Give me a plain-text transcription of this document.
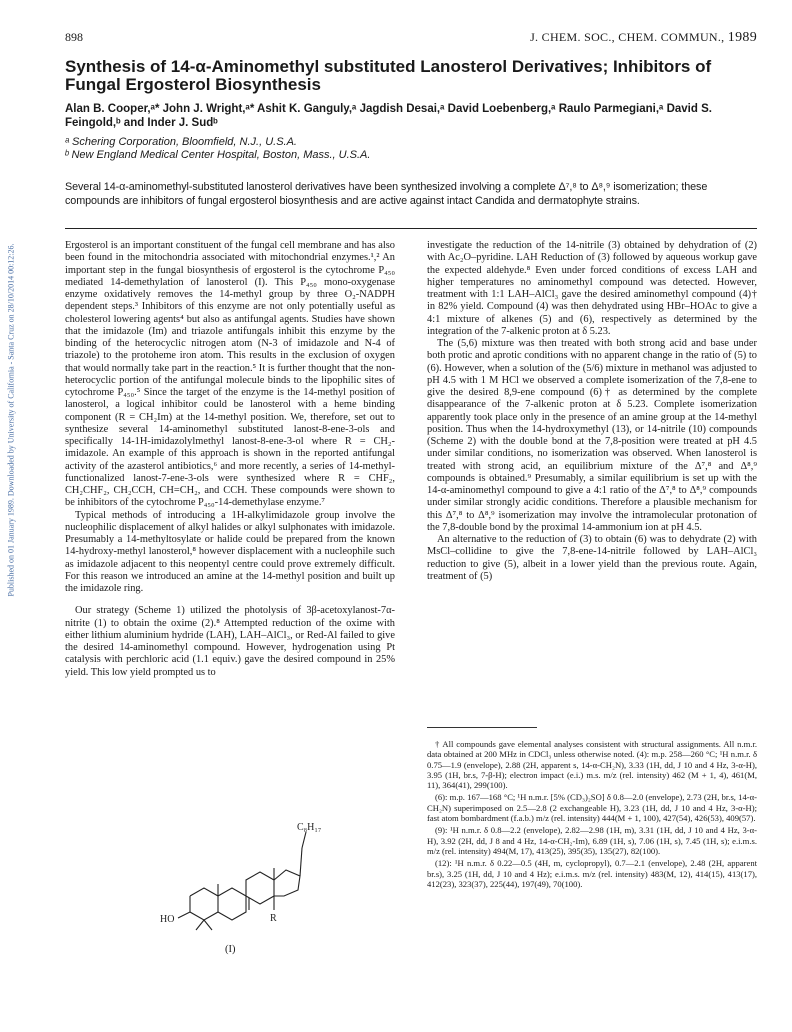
Published on 01 January 1989. Downloaded by University of California - Santa Cruz on 28/10/2014 00:12:26.
898	J. CHEM. SOC., CHEM. COMMUN., 1989
Synthesis of 14-α-Aminomethyl substituted Lanosterol Derivatives; Inhibitors of Fungal Ergosterol Biosynthesis
Alan B. Cooper,ᵃ* John J. Wright,ᵃ* Ashit K. Ganguly,ᵃ Jagdish Desai,ᵃ David Loebenberg,ᵃ Raulo Parmegiani,ᵃ David S. Feingold,ᵇ and Inder J. Sudᵇ
ᵃ Schering Corporation, Bloomfield, N.J., U.S.A.
ᵇ New England Medical Center Hospital, Boston, Mass., U.S.A.
Several 14-α-aminomethyl-substituted lanosterol derivatives have been synthesized involving a complete Δ⁷,⁸ to Δ⁸,⁹ isomerization; these compounds are inhibitors of fungal ergosterol biosynthesis and are active against intact Candida and dermatophyte strains.

Ergosterol is an important constituent of the fungal cell membrane and has also been found in the mitochondria associated with mitochondrial enzymes.¹,² An important step in the fungal biosynthesis of ergosterol is the cytochrome P₄₅₀ mediated 14-demethylation of lanosterol (I). This P₄₅₀ mono-oxygenase enzyme oxidatively removes the 14-methyl group by three O₂-NADPH dependent steps.³ Inhibitors of this enzyme are not only potentially useful as cholesterol lowering agents⁴ but also as antifungal agents. Studies have shown that the imidazole (Im) and triazole antifungals inhibit this enzyme by the binding of the heterocyclic nitrogen atom (N-3 of imidazole and N-4 of triazole) to the protoheme iron atom. This results in the exclusion of oxygen that would normally take part in the reaction.⁵ It is further thought that the non-heterocyclic portion of the antifungal molecule binds to the lipophilic sites of cytochrome P₄₅₀.⁵ Since the target of the enzyme is the 14-methyl position of lanosterol, a logical inhibitor could be lanosterol with a heme binding component (R = CH₂Im) at the 14-methyl position. We, therefore, set out to synthesize several 14-aminomethyl substituted lanost-8-ene-3-ols and specifically 14-1H-imidazolylmethyl lanost-8-ene-3-ol where R = CH₂-imidazole. An example of this approach is shown in the reported antifungal activity of the azasterol antibiotics,⁶ and more recently, a series of 14-methyl-functionalized lanost-7-ene-3-ols were synthesized where R = CHF₂, CH₂CHF₂, CH₂CCH, CH=CH₂, and CCH. These compounds were shown to be inhibitors of the cytochrome P₄₅₀-14-demethylase enzyme.⁷

Typical methods of introducing a 1H-alkylimidazole group involve the nucleophilic displacement of alkyl halides or alkyl sulphonates with imidazole. Presumably a 14-methyltosylate or halide could be prepared from the known 14-hydroxy-methyl lanosterol,⁸ however displacement with a nucleophile such as imidazole adjacent to this neopentyl centre could prove extremely difficult. For this reason we introduced an amine at the 14-methyl position and built up the imidazole ring.

Our strategy (Scheme 1) utilized the photolysis of 3β-acetoxylanost-7α-nitrite (1) to obtain the oxime (2).⁸ Attempted reduction of the oxime with either lithium aluminium hydride (LAH), LAH–AlCl₃, or Red-Al failed to give the desired 14-aminomethyl compound. However, hydrogenation using Pt catalysis with perchloric acid (1.1 equiv.) gave the desired compound in 25% yield. This low yield prompted us to

investigate the reduction of the 14-nitrile (3) obtained by dehydration of (2) with Ac₂O–pyridine. LAH Reduction of (3) followed by aqueous workup gave the expected aldehyde.⁸ Even under forced conditions of excess LAH and higher temperatures no aminomethyl compound was detected. However, treatment with 1:1 LAH–AlCl₃ gave the desired aminomethyl compound (4)† in 82% yield. Compound (4) was then dehydrated using HBr–HOAc to give a 4:1 mixture of alkenes (5) and (6), respectively as determined by the integration of the 7-alkenic proton at δ 5.23.

The (5,6) mixture was then treated with both strong acid and base under both protic and aprotic conditions with no apparent change in the ratio of (5) to (6). However, when a solution of the (5/6) mixture in methanol was adjusted to pH 4.5 with 1 M HCl we observed a complete isomerization of the 7,8-ene to give the desired 8,9-ene compound (6)† as determined by the complete disappearance of the 7-alkenic proton at δ 5.23. Complete isomerization apparently took place only in the presence of an amine group at the 14-methyl position. Thus when the 14-hydroxymethyl (13), or 14-nitrile (10) compounds (Scheme 2) with the double bond at the 7,8-position were treated at pH 4.5 under similar conditions, no isomerization was observed. When lanosterol is treated with strong acid, an equilibrium mixture of the Δ⁷,⁸ and Δ⁸,⁹ compounds is obtained.⁹ Presumably, a similar equilibrium is set up with the 14-α-aminomethyl compound to give a 4:1 ratio of the Δ⁷,⁸ to Δ⁸,⁹ compounds under similar strongly acidic conditions. Therefore a plausible mechanism for this Δ⁷,⁸ to Δ⁸,⁹ isomerization may involve the intramolecular protonation of the 7,8-double bond by the proximal 14-ammonium ion at pH 4.5.

An alternative to the reduction of (3) to obtain (6) was to dehydrate (2) with MsCl–collidine to give the 7,8-ene-14-nitrile followed by LAH–AlCl₃ reduction to give (5), albeit in a lower yield than the previous route. Again, treatment of (5)

† All compounds gave elemental analyses consistent with structural assignments. All n.m.r. data obtained at 200 MHz in CDCl₃ unless otherwise noted. (4): m.p. 258—260 °C; ¹H n.m.r. δ 0.75—1.9 (envelope), 2.88 (2H, apparent s, 14-α-CH₂N), 3.33 (1H, dd, J 10 and 4 Hz, 3-α-H), 3.95 (1H, br.s, 7-β-H); electron impact (e.i.) m.s. m/z (rel. intensity) 462 (M + 1, 4), 461(M, 11), 364(41), 299(100).

(6): m.p. 167—168 °C; ¹H n.m.r. [5% (CD₃)₂SO] δ 0.8—2.0 (envelope), 2.73 (2H, br.s, 14-α-CH₂N) superimposed on 2.5—2.8 (2 exchangeable H), 3.23 (1H, dd, J 10 and 4 Hz, 3-α-H); fast atom bombardment (f.a.b.) m/z (rel. intensity) 444(M + 1, 100), 427(54), 426(53), 409(57).

(9): ¹H n.m.r. δ 0.8—2.2 (envelope), 2.82—2.98 (1H, m), 3.31 (1H, dd, J 10 and 4 Hz, 3-α-H), 3.92 (2H, dd, J 8 and 4 Hz, 14-α-CH₂-Im), 6.89 (1H, s), 7.06 (1H, s), 7.45 (1H, s); e.i.m.s. m/z (rel. intensity) 494(M, 17), 413(25), 395(35), 135(27), 82(100).

(12): ¹H n.m.r. δ 0.22—0.5 (4H, m, cyclopropyl), 0.7—2.1 (envelope), 2.48 (2H, apparent br.s), 3.25 (1H, dd, J 10 and 4 Hz); e.i.m.s. m/z (rel. intensity) 483(M, 12), 414(15), 413(17), 412(23), 323(37), 225(44), 197(49), 70(100).

C₈H₁₇
R
HO
(I)
